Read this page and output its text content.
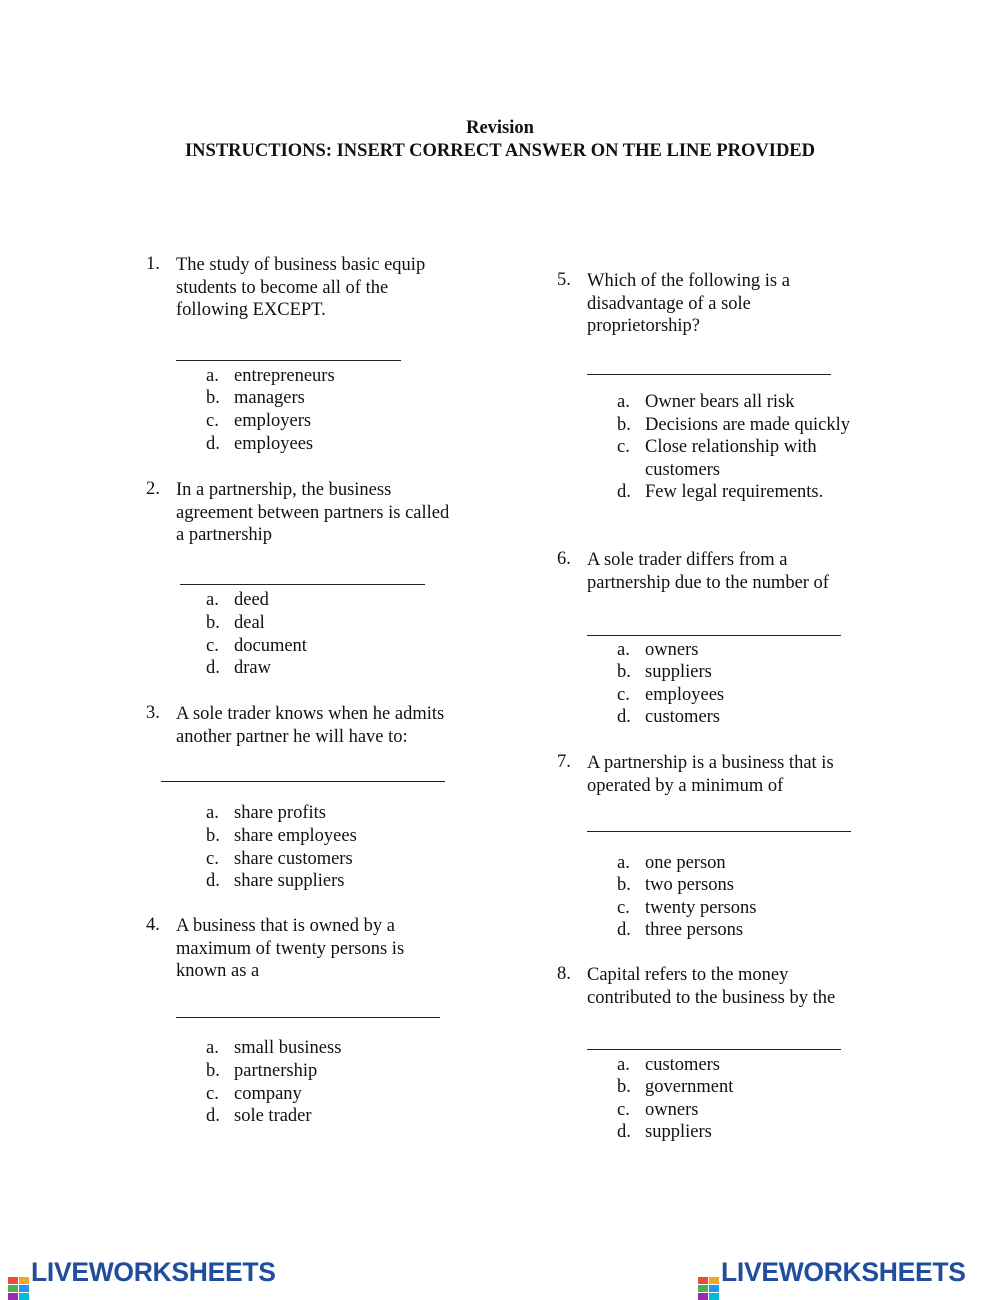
Revision
INSTRUCTIONS: INSERT CORRECT ANSWER ON THE LINE PROVIDED
1. The study of business basic equip
students to become all of the
following EXCEPT.
a. entrepreneurs
b. managers
c. employers
d. employees
2. In a partnership, the business
agreement between partners is called
a partnership
a. deed
b. deal
c. document
d. draw
3. A sole trader knows when he admits
another partner he will have to:
a. share profits
b. share employees
c. share customers
d. share suppliers
4. A business that is owned by a
maximum of twenty persons is
known as a
a. small business
b. partnership
c. company
d. sole trader
5. Which of the following is a
disadvantage of a sole
proprietorship?
a. Owner bears all risk
b. Decisions are made quickly
c. Close relationship with
customers
d. Few legal requirements.
6. A sole trader differs from a
partnership due to the number of
a. owners
b. suppliers
c. employees
d. customers
7. A partnership is a business that is
operated by a minimum of
a. one person
b. two persons
c. twenty persons
d. three persons
8. Capital refers to the money
contributed to the business by the
a. customers
b. government
c. owners
d. suppliers
LIVEWORKSHEETS	LIVEWORKSHEETS
